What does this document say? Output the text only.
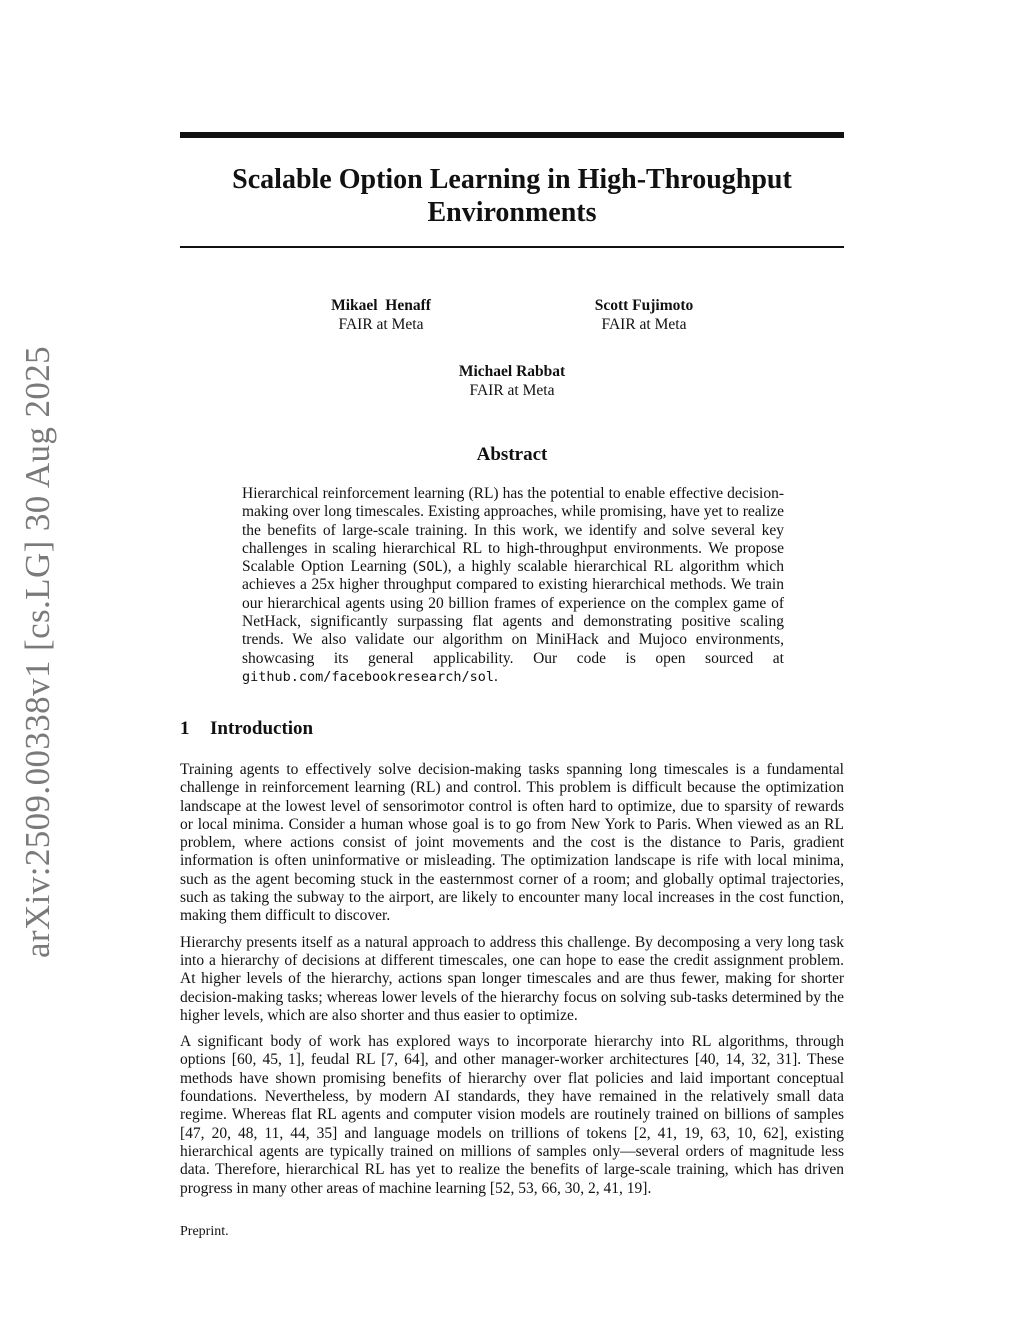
arXiv:2509.00338v1 [cs.LG] 30 Aug 2025
Scalable Option Learning in High-Throughput
Environments
Mikael  Henaff
FAIR at Meta
Scott Fujimoto
FAIR at Meta
Michael Rabbat
FAIR at Meta
Abstract
Hierarchical reinforcement learning (RL) has the potential to enable effective decision-making over long timescales. Existing approaches, while promising, have yet to realize the benefits of large-scale training. In this work, we identify and solve several key challenges in scaling hierarchical RL to high-throughput environments. We propose Scalable Option Learning (SOL), a highly scalable hierarchical RL algorithm which achieves a 25x higher throughput compared to existing hierarchical methods. We train our hierarchical agents using 20 billion frames of experience on the complex game of NetHack, significantly surpassing flat agents and demonstrating positive scaling trends. We also validate our algorithm on MiniHack and Mujoco environments, showcasing its general applicability. Our code is open sourced at github.com/facebookresearch/sol.
1 Introduction

Training agents to effectively solve decision-making tasks spanning long timescales is a fundamental challenge in reinforcement learning (RL) and control. This problem is difficult because the optimization landscape at the lowest level of sensorimotor control is often hard to optimize, due to sparsity of rewards or local minima. Consider a human whose goal is to go from New York to Paris. When viewed as an RL problem, where actions consist of joint movements and the cost is the distance to Paris, gradient information is often uninformative or misleading. The optimization landscape is rife with local minima, such as the agent becoming stuck in the easternmost corner of a room; and globally optimal trajectories, such as taking the subway to the airport, are likely to encounter many local increases in the cost function, making them difficult to discover.

Hierarchy presents itself as a natural approach to address this challenge. By decomposing a very long task into a hierarchy of decisions at different timescales, one can hope to ease the credit assignment problem. At higher levels of the hierarchy, actions span longer timescales and are thus fewer, making for shorter decision-making tasks; whereas lower levels of the hierarchy focus on solving sub-tasks determined by the higher levels, which are also shorter and thus easier to optimize.

A significant body of work has explored ways to incorporate hierarchy into RL algorithms, through options [60, 45, 1], feudal RL [7, 64], and other manager-worker architectures [40, 14, 32, 31]. These methods have shown promising benefits of hierarchy over flat policies and laid important conceptual foundations. Nevertheless, by modern AI standards, they have remained in the relatively small data regime. Whereas flat RL agents and computer vision models are routinely trained on billions of samples [47, 20, 48, 11, 44, 35] and language models on trillions of tokens [2, 41, 19, 63, 10, 62], existing hierarchical agents are typically trained on millions of samples only—several orders of magnitude less data. Therefore, hierarchical RL has yet to realize the benefits of large-scale training, which has driven progress in many other areas of machine learning [52, 53, 66, 30, 2, 41, 19].

Preprint.
